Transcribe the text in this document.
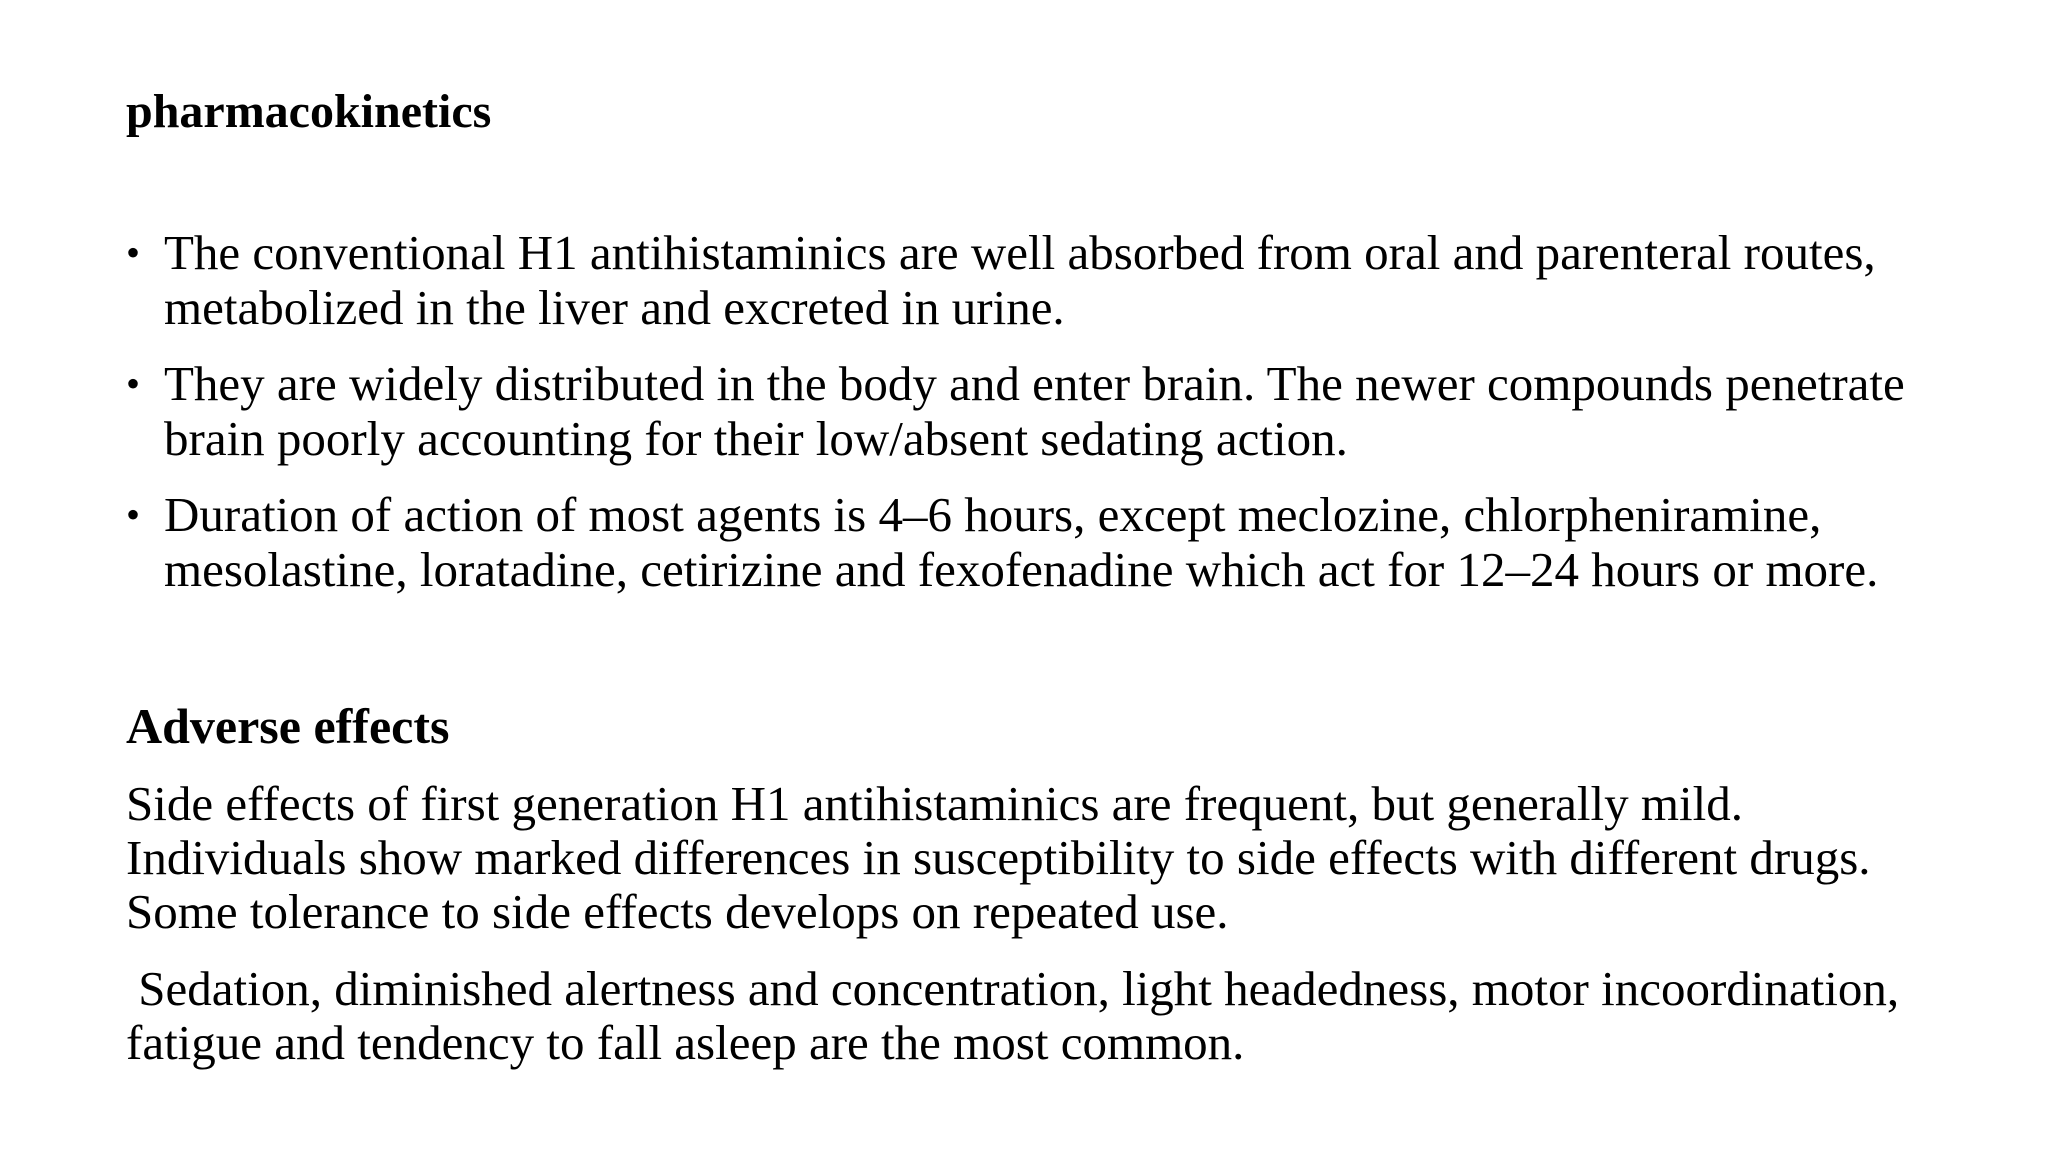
pharmacokinetics
• The conventional H1 antihistaminics are well absorbed from oral and parenteral routes,
metabolized in the liver and excreted in urine.
• They are widely distributed in the body and enter brain. The newer compounds penetrate
brain poorly accounting for their low/absent sedating action.
• Duration of action of most agents is 4–6 hours, except meclozine, chlorpheniramine,
mesolastine, loratadine, cetirizine and fexofenadine which act for 12–24 hours or more.
Adverse effects

Side effects of first generation H1 antihistaminics are frequent, but generally mild.
Individuals show marked differences in susceptibility to side effects with different drugs.
Some tolerance to side effects develops on repeated use.

Sedation, diminished alertness and concentration, light headedness, motor incoordination,
fatigue and tendency to fall asleep are the most common.
